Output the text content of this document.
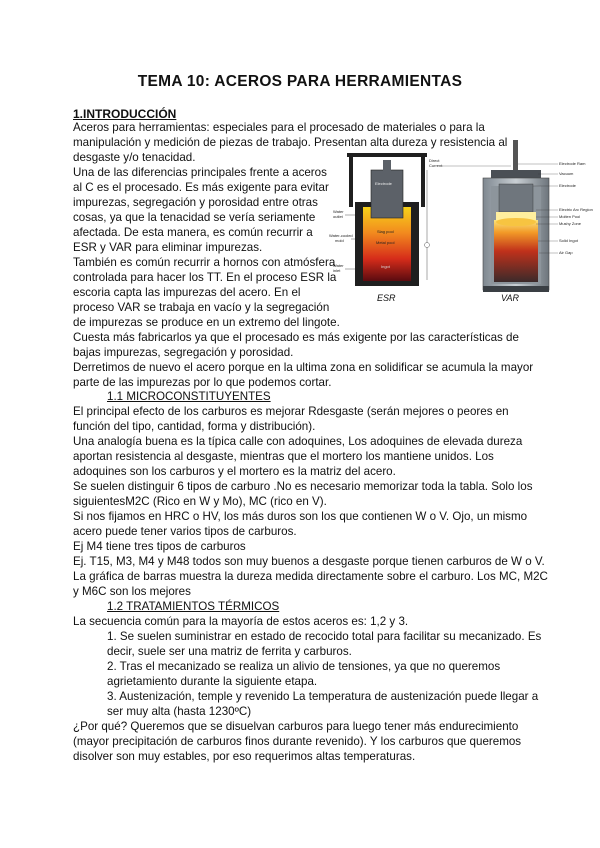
TEMA 10: ACEROS PARA HERRAMIENTAS
1.INTRODUCCIÓN
Electrode
Slag pool
Metal pool
Ingot
Water
outlet
Water-cooled
mold
Water
inlet
ESR
Direct
Current	Electrode Ram
Vacuum
Electrode
Electric Arc Region
Molten Pool
Mushy Zone
Solid Ingot
Air Gap
VAR
Aceros para herramientas: especiales para el procesado de materiales o para la
manipulación y medición de piezas de trabajo. Presentan alta dureza y resistencia al
desgaste y/o tenacidad.
Una de las diferencias principales frente a aceros
al C es el procesado. Es más exigente para evitar
impurezas, segregación y porosidad entre otras
cosas, ya que la tenacidad se vería seriamente
afectada. De esta manera, es común recurrir a
ESR y VAR para eliminar impurezas.
También es común recurrir a hornos con atmósfera
controlada para hacer los TT. En el proceso ESR la
escoria capta las impurezas del acero. En el
proceso VAR se trabaja en vacío y la segregación
de impurezas se produce en un extremo del lingote.
Cuesta más fabricarlos ya que el procesado es más exigente por las características de
bajas impurezas, segregación y porosidad.
Derretimos de nuevo el acero porque en la ultima zona en solidificar se acumula la mayor
parte de las impurezas por lo que podemos cortar.
1.1 MICROCONSTITUYENTES
El principal efecto de los carburos es mejorar Rdesgaste (serán mejores o peores en
función del tipo, cantidad, forma y distribución).
Una analogía buena es la típica calle con adoquines, Los adoquines de elevada dureza
aportan resistencia al desgaste, mientras que el mortero los mantiene unidos. Los
adoquines son los carburos y el mortero es la matriz del acero.
Se suelen distinguir 6 tipos de carburo .No es necesario memorizar toda la tabla. Solo los
siguientesM2C (Rico en W y Mo), MC (rico en V).
Si nos fijamos en HRC o HV, los más duros son los que contienen W o V. Ojo, un mismo
acero puede tener varios tipos de carburos.
Ej M4 tiene tres tipos de carburos
Ej. T15, M3, M4 y M48 todos son muy buenos a desgaste porque tienen carburos de W o V.
La gráfica de barras muestra la dureza medida directamente sobre el carburo. Los MC, M2C
y M6C son los mejores
1.2 TRATAMIENTOS TÉRMICOS
La secuencia común para la mayoría de estos aceros es: 1,2 y 3.
1. Se suelen suministrar en estado de recocido total para facilitar su mecanizado. Es
decir, suele ser una matriz de ferrita y carburos.
2. Tras el mecanizado se realiza un alivio de tensiones, ya que no queremos
agrietamiento durante la siguiente etapa.
3. Austenización, temple y revenido La temperatura de austenización puede llegar a
ser muy alta (hasta 1230ºC)
¿Por qué? Queremos que se disuelvan carburos para luego tener más endurecimiento
(mayor precipitación de carburos finos durante revenido). Y los carburos que queremos
disolver son muy estables, por eso requerimos altas temperaturas.
